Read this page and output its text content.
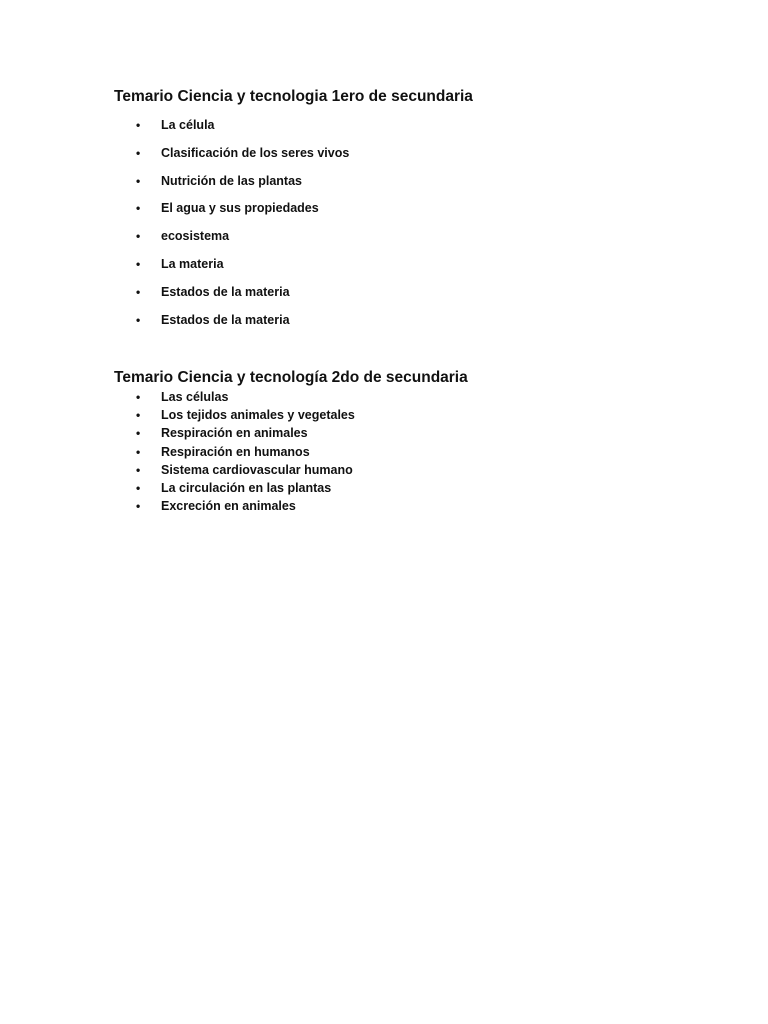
Temario Ciencia y tecnologia 1ero de secundaria
• La célula
• Clasificación de los seres vivos
• Nutrición de las plantas
• El agua y sus propiedades
• ecosistema
• La materia
• Estados de la materia
• Estados de la materia
Temario Ciencia y tecnología 2do de secundaria
• Las células
• Los tejidos animales y vegetales
• Respiración en animales
• Respiración en humanos
• Sistema cardiovascular humano
• La circulación en las plantas
• Excreción en animales
